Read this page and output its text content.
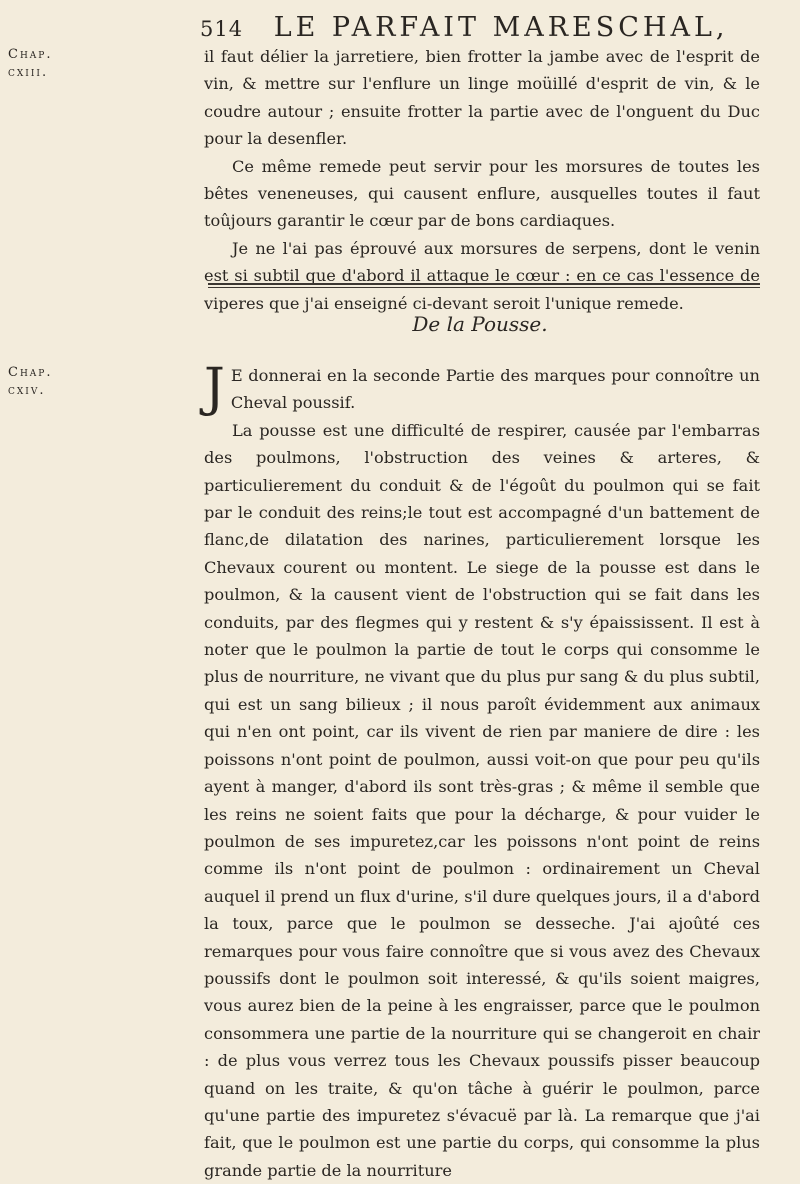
514 LE PARFAIT MARESCHAL,
Chap.
cxiii.

il faut délier la jarretiere, bien frotter la jambe avec de l'esprit de vin, & mettre sur l'enflure un linge moüillé d'esprit de vin, & le coudre autour ; ensuite frotter la partie avec de l'onguent du Duc pour la desenfler.

Ce même remede peut servir pour les morsures de toutes les bêtes veneneuses, qui causent enflure, ausquelles toutes il faut toûjours garantir le cœur par de bons cardiaques.

Je ne l'ai pas éprouvé aux morsures de serpens, dont le venin est si subtil que d'abord il attaque le cœur : en ce cas l'essence de viperes que j'ai enseigné ci-devant seroit l'unique remede.

De la Pousse.
Chap.
cxiv.	J E donnerai en la seconde Partie des marques pour connoître un Cheval poussif.

La pousse est une difficulté de respirer, causée par l'embarras des poulmons, l'obstruction des veines & arteres, & particulierement du conduit & de l'égoût du poulmon qui se fait par le conduit des reins;le tout est accompagné d'un battement de flanc,de dilatation des narines, particulierement lorsque les Chevaux courent ou montent. Le siege de la pousse est dans le poulmon, & la causent vient de l'obstruction qui se fait dans les conduits, par des flegmes qui y restent & s'y épaississent. Il est à noter que le poulmon la partie de tout le corps qui consomme le plus de nourriture, ne vivant que du plus pur sang & du plus subtil, qui est un sang bilieux ; il nous paroît évidemment aux animaux qui n'en ont point, car ils vivent de rien par maniere de dire : les poissons n'ont point de poulmon, aussi voit-on que pour peu qu'ils ayent à manger, d'abord ils sont très-gras ; & même il semble que les reins ne soient faits que pour la décharge, & pour vuider le poulmon de ses impuretez,car les poissons n'ont point de reins comme ils n'ont point de poulmon : ordinairement un Cheval auquel il prend un flux d'urine, s'il dure quelques jours, il a d'abord la toux, parce que le poulmon se desseche. J'ai ajoûté ces remarques pour vous faire connoître que si vous avez des Chevaux poussifs dont le poulmon soit interessé, & qu'ils soient maigres, vous aurez bien de la peine à les engraisser, parce que le poulmon consommera une partie de la nourriture qui se changeroit en chair : de plus vous verrez tous les Chevaux poussifs pisser beaucoup quand on les traite, & qu'on tâche à guérir le poulmon, parce qu'une partie des impuretez s'évacuë par là. La remarque que j'ai fait, que le poulmon est une partie du corps, qui consomme la plus grande partie de la nourriture
